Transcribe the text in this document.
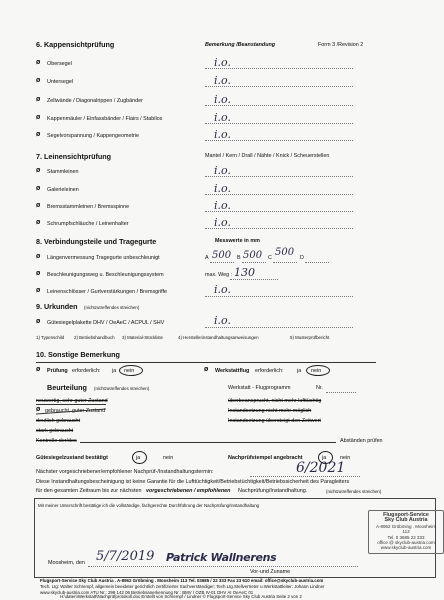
6. Kappensichtprüfung	Bemerkung /Beanstandung	Form 3 /Revision 2
ø Obersegel	i.o.
ø Untersegel	i.o.
ø Zellwände / Diagonalrippen / Zugbänder	i.o.
ø Kappenmäuler / Einfassbänder / Flairs / Stabilos	i.o.
ø Segelvorspannung / Kappengeometrie	i.o.
7. Leinensichtprüfung	Mantel / Kern / Drall / Nähte / Knick / Scheuerstellen
ø Stammleinen	i.o.
ø Galerieleinen	i.o.
ø Bremsstammleinen / Bremsspinne	i.o.
ø Schrumpfschläuche / Leinenhalter	i.o.
8. Verbindungsteile und Tragegurte	Messwerte in mm
ø Längenvermessung Tragegurte unbeschleunigt	A 500 B 500 C 500 D
ø Beschleunigungsweg u. Beschleunigungssystem	max. Weg : 130
ø Leinenschlösser / Gurtverstärkungen / Bremsgriffe	i.o.
9. Urkunden (nichtzutreffendes streichen)
ø Gütesiegelplakette DHV / OeAeC / ACPUL / SHV	i.o.
1) Typenschild 2) Betriebshandbuch 3) Material-Stückliste	4) Herstellerinstandhaltungsanweisungen	5) Musterprüfbericht
10. Sonstige Bemerkung
ø Prüfung erforderlich: ja nein	ø Werkstattflug erforderlich:	ja nein
Beurteilung (nichtzutreffendes streichen)	Werkstatt - Flugprogramm	Nr.
neuwertig, sehr guter Zustand
ø gebraucht, guter Zustand
deutlich gebraucht
stark gebraucht
Kontrolle der/des
überbeansprucht, nicht mehr lufttüchtig
Instandsetzung nicht mehr möglich
Instandsetzung übersteigt den Zeitwert
Abständen prüfen
Gütesiegelzustand bestätigt	ja	nein	Nachprüfstempel angebracht	ja	nein
Nächster vorgeschriebener/empfohlener Nachprüf-/Instandhaltungstermin:	6/2021
Diese Instandhaltungsbescheinigung ist keine Garantie für die Lufttüchtigkeit/Betriebstüchtigkeit/Betriebssicherheit des Paragleiters
für den gesamten Zeitraum bis zur nächsten vorgeschriebenen / empfohlenen Nachprüfung/Instandhaltung.	(nichtzutreffendes streichen)
Mit meiner Unterschrift bestätige ich die vollständige, fachgerechte Durchführung der Nachprüfung/Instandhaltung
Moosheim, den 5/7/2019 Patrick Wallnerens
Vor-und Zuname
Flugsport-Service
Sky Club Austria
A-8962 Gröbming . Moosheim 113
Tel. 0 3685 22 333
office @ skyclub-austria.com
www.skyclub-austria.com
Flugsport-Service Sky Club Austria . A-8962 Gröbming . Moosheim 113 Tel. 03685 / 22 333 Fax 23 610 email: office@skyclub-austria.com
Tech. Ltg: Walter Schrempf, allgemein beeideter gerichtlich zertifizierter Sachverständiger; Tech.Ltg.Stellvertreter u.Werkstattleiter: Johann Lindner
www.skyclub-austria.com ATU Nr.: 299 142 06 Betriebsanerkennung Nr.: BMV / OZB IV-01 DHV AI OeAeC 01
H:\daten\Werkstatt\Nachprüfprotokoll.doc Erstellt von Schrempf / Lindner © Flugsport-Service Sky Club Austria Seite 2 von 2
